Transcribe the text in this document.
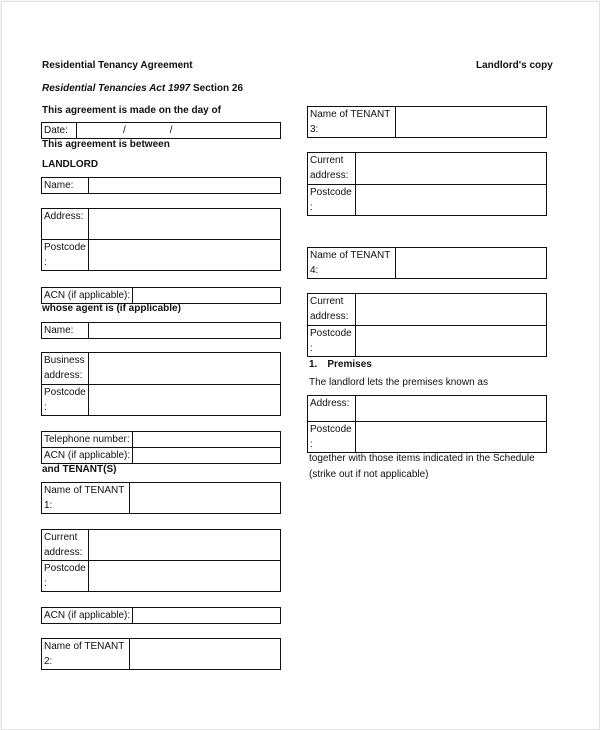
Residential Tenancy Agreement	Landlord's copy
Residential Tenancies Act 1997 Section 26
This agreement is made on the day of
Date:	/	/
This agreement is between
LANDLORD
Name:	
Address:	
Postcode :	
ACN (if applicable):	
whose agent is (if applicable)
Name:	
Business address:	
Postcode :	
Telephone number:	
ACN (if applicable):	
and TENANT(S)
Name of TENANT 1:	
Current address:	
Postcode :	
ACN (if applicable):	
Name of TENANT 2:	
Name of TENANT 3:	
Current address:	
Postcode :	
Name of TENANT 4:	
Current address:	
Postcode :	
1. Premises
The landlord lets the premises known as
Address:	
Postcode :	
together with those items indicated in the Schedule
(strike out if not applicable)
